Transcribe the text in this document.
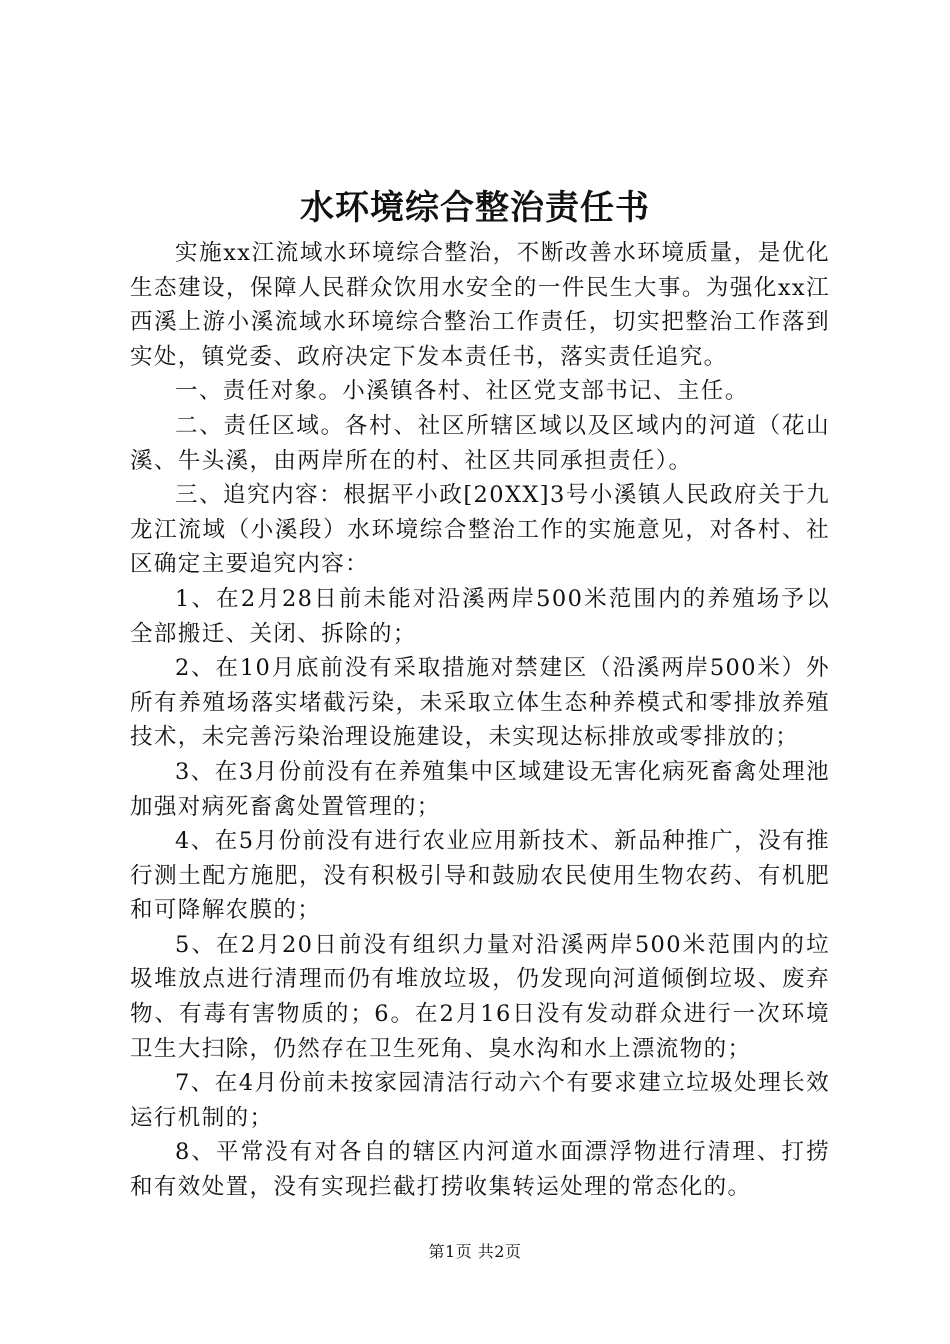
水环境综合整治责任书

实施xx江流域水环境综合整治，不断改善水环境质量，是优化生态建设，保障人民群众饮用水安全的一件民生大事。为强化xx江西溪上游小溪流域水环境综合整治工作责任，切实把整治工作落到实处，镇党委、政府决定下发本责任书，落实责任追究。

一、责任对象。小溪镇各村、社区党支部书记、主任。

二、责任区域。各村、社区所辖区域以及区域内的河道（花山溪、牛头溪，由两岸所在的村、社区共同承担责任）。

三、追究内容：根据平小政[20XX]3号小溪镇人民政府关于九龙江流域（小溪段）水环境综合整治工作的实施意见，对各村、社区确定主要追究内容：

1、在2月28日前未能对沿溪两岸500米范围内的养殖场予以全部搬迁、关闭、拆除的；

2、在10月底前没有采取措施对禁建区（沿溪两岸500米）外所有养殖场落实堵截污染，未采取立体生态种养模式和零排放养殖技术，未完善污染治理设施建设，未实现达标排放或零排放的；

3、在3月份前没有在养殖集中区域建设无害化病死畜禽处理池加强对病死畜禽处置管理的；

4、在5月份前没有进行农业应用新技术、新品种推广，没有推行测土配方施肥，没有积极引导和鼓励农民使用生物农药、有机肥和可降解农膜的；

5、在2月20日前没有组织力量对沿溪两岸500米范围内的垃圾堆放点进行清理而仍有堆放垃圾，仍发现向河道倾倒垃圾、废弃物、有毒有害物质的；6。在2月16日没有发动群众进行一次环境卫生大扫除，仍然存在卫生死角、臭水沟和水上漂流物的；

7、在4月份前未按家园清洁行动六个有要求建立垃圾处理长效运行机制的；

8、平常没有对各自的辖区内河道水面漂浮物进行清理、打捞和有效处置，没有实现拦截打捞收集转运处理的常态化的。

第1页 共2页
